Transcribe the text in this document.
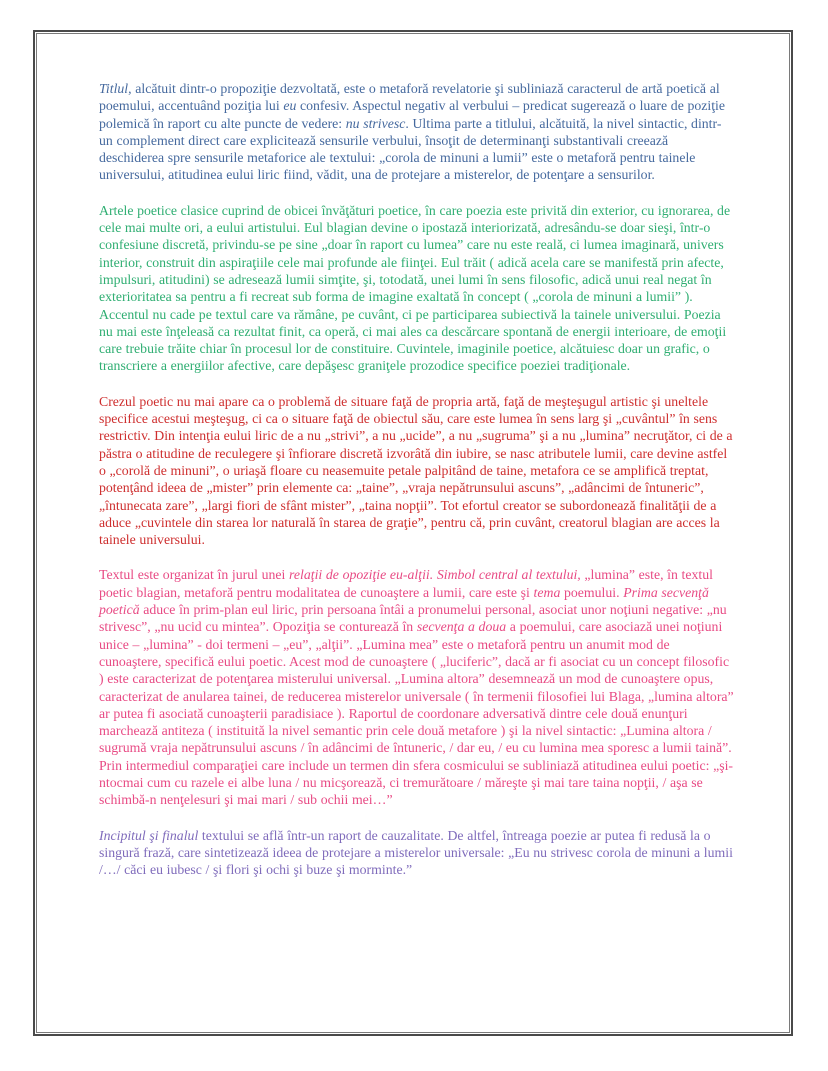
Titlul, alcătuit dintr-o propoziţie dezvoltată, este o metaforă revelatorie şi subliniază caracterul de artă poetică al poemului, accentuând poziţia lui eu confesiv. Aspectul negativ al verbului – predicat sugerează o luare de poziţie polemică în raport cu alte puncte de vedere: nu strivesc. Ultima parte a titlului, alcătuită, la nivel sintactic, dintr-un complement direct care explicitează sensurile verbului, însoţit de determinanţi substantivali creează deschiderea spre sensurile metaforice ale textului: „corola de minuni a lumii” este o metaforă pentru tainele universului, atitudinea eului liric fiind, vădit, una de protejare a misterelor, de potenţare a sensurilor.

Artele poetice clasice cuprind de obicei învăţături poetice, în care poezia este privită din exterior, cu ignorarea, de cele mai multe ori, a eului artistului. Eul blagian devine o ipostază interiorizată, adresându-se doar sieşi, într-o confesiune discretă, privindu-se pe sine „doar în raport cu lumea” care nu este reală, ci lumea imaginară, univers interior, construit din aspiraţiile cele mai profunde ale fiinţei. Eul trăit ( adică acela care se manifestă prin afecte, impulsuri, atitudini) se adresează lumii simţite, şi, totodată, unei lumi în sens filosofic, adică unui real negat în exterioritatea sa pentru a fi recreat sub forma de imagine exaltată în concept ( „corola de minuni a lumii” ). Accentul nu cade pe textul care va rămâne, pe cuvânt, ci pe participarea subiectivă la tainele universului. Poezia nu mai este înţeleasă ca rezultat finit, ca operă, ci mai ales ca descărcare spontană de energii interioare, de emoţii care trebuie trăite chiar în procesul lor de constituire. Cuvintele, imaginile poetice, alcătuiesc doar un grafic, o transcriere a energiilor afective, care depăşesc graniţele prozodice specifice poeziei tradiţionale.

Crezul poetic nu mai apare ca o problemă de situare faţă de propria artă, faţă de meşteşugul artistic şi uneltele specifice acestui meşteşug, ci ca o situare faţă de obiectul său, care este lumea în sens larg şi „cuvântul” în sens restrictiv. Din intenţia eului liric de a nu „strivi”, a nu „ucide”, a nu „sugruma” şi a nu „lumina” necruţător, ci de a păstra o atitudine de reculegere şi înfiorare discretă izvorâtă din iubire, se nasc atributele lumii, care devine astfel o „corolă de minuni”, o uriaşă floare cu neasemuite petale palpitând de taine, metafora ce se amplifică treptat, potenţând ideea de „mister” prin elemente ca: „taine”, „vraja nepătrunsului ascuns”, „adâncimi de întuneric”, „întunecata zare”, „largi fiori de sfânt mister”, „taina nopţii”. Tot efortul creator se subordonează finalităţii de a aduce „cuvintele din starea lor naturală în starea de graţie”, pentru că, prin cuvânt, creatorul blagian are acces la tainele universului.

Textul este organizat în jurul unei relaţii de opoziţie eu-alţii. Simbol central al textului, „lumina” este, în textul poetic blagian, metaforă pentru modalitatea de cunoaştere a lumii, care este şi tema poemului. Prima secvenţă poetică aduce în prim-plan eul liric, prin persoana întâi a pronumelui personal, asociat unor noţiuni negative: „nu strivesc”, „nu ucid cu mintea”. Opoziţia se conturează în secvenţa a doua a poemului, care asociază unei noţiuni unice – „lumina” - doi termeni – „eu”, „alţii”. „Lumina mea” este o metaforă pentru un anumit mod de cunoaştere, specifică eului poetic. Acest mod de cunoaştere ( „luciferic”, dacă ar fi asociat cu un concept filosofic ) este caracterizat de potenţarea misterului universal. „Lumina altora” desemnează un mod de cunoaştere opus, caracterizat de anularea tainei, de reducerea misterelor universale ( în termenii filosofiei lui Blaga, „lumina altora” ar putea fi asociată cunoaşterii paradisiace ). Raportul de coordonare adversativă dintre cele două enunţuri marchează antiteza ( instituită la nivel semantic prin cele două metafore ) şi la nivel sintactic: „Lumina altora / sugrumă vraja nepătrunsului ascuns / în adâncimi de întuneric, / dar eu, / eu cu lumina mea sporesc a lumii taină”. Prin intermediul comparaţiei care include un termen din sfera cosmicului se subliniază atitudinea eului poetic: „şi-ntocmai cum cu razele ei albe luna / nu micşorează, ci tremurătoare / măreşte şi mai tare taina nopţii, / aşa se schimbă-n nenţelesuri şi mai mari / sub ochii mei…”

Incipitul şi finalul textului se află într-un raport de cauzalitate. De altfel, întreaga poezie ar putea fi redusă la o singură frază, care sintetizează ideea de protejare a misterelor universale: „Eu nu strivesc corola de minuni a lumii /…/ căci eu iubesc / şi flori şi ochi şi buze şi morminte.”
